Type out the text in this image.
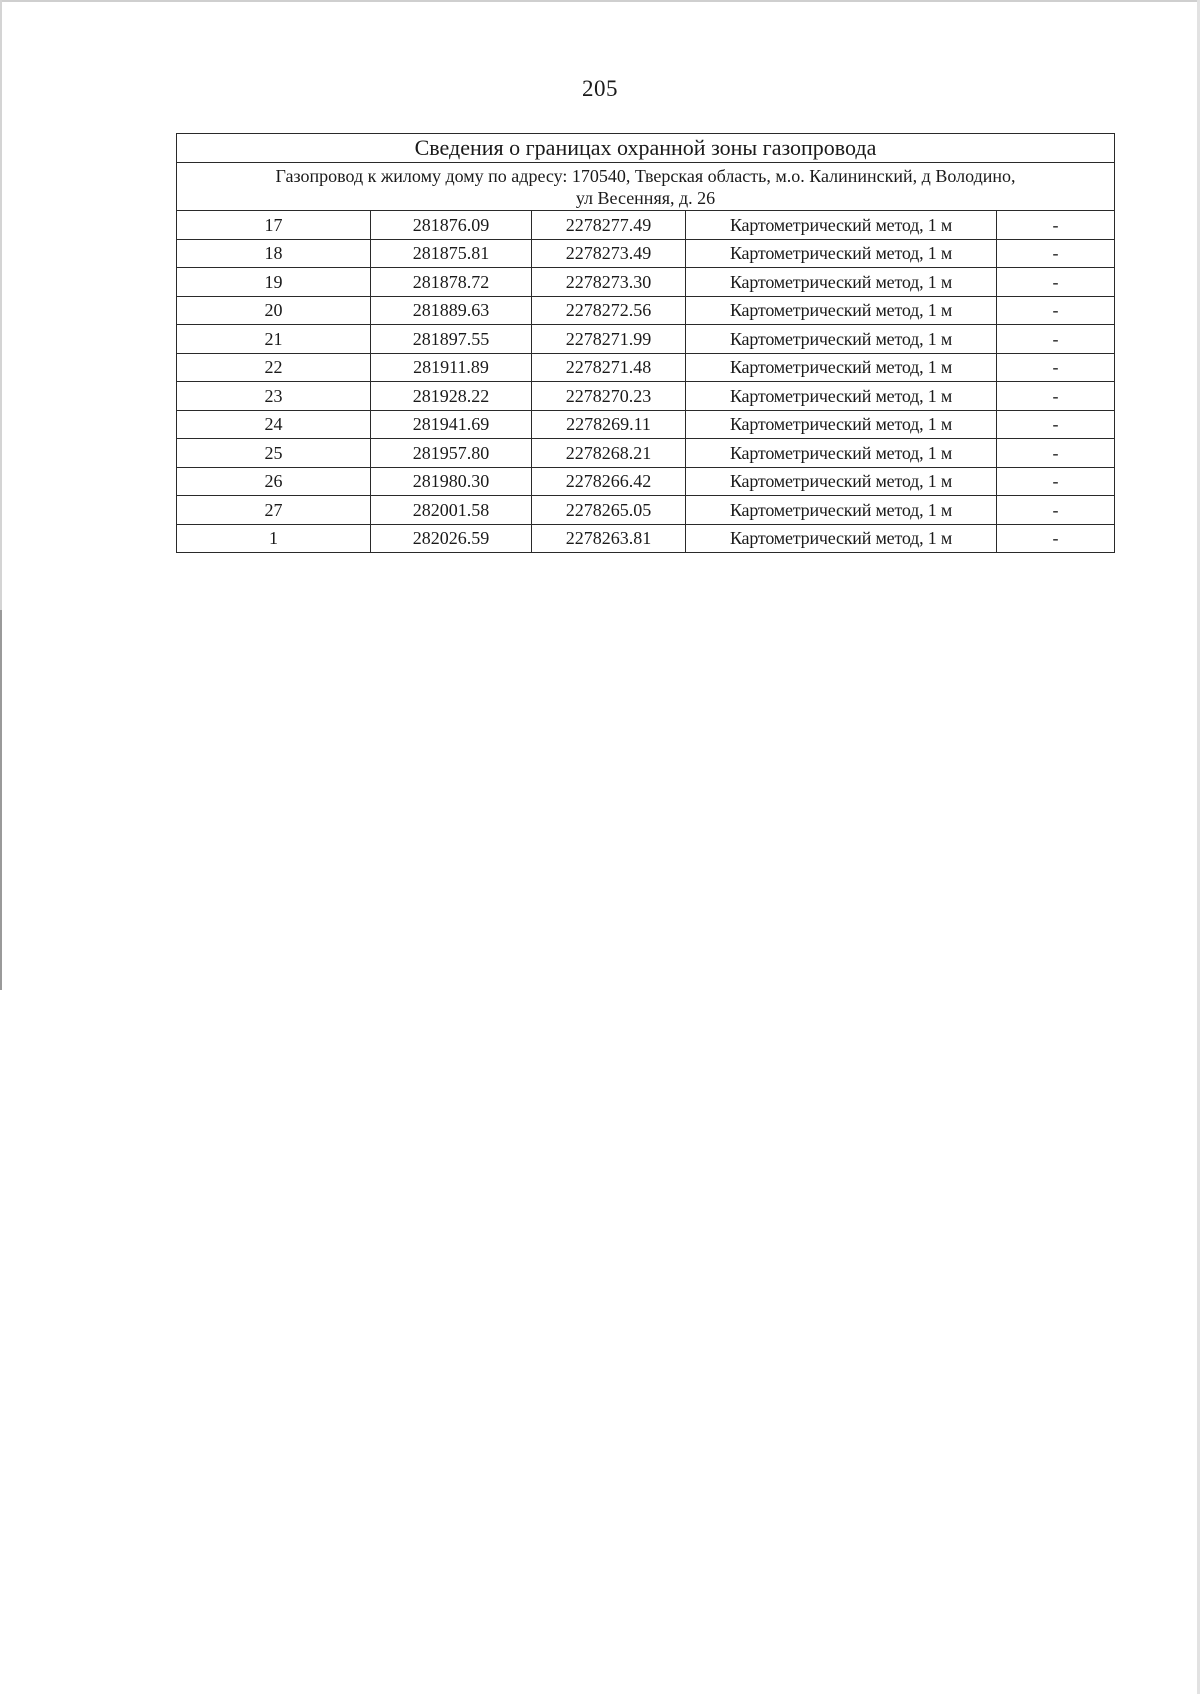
205
Сведения о границах охранной зоны газопровода				

Газопровод к жилому дому по адресу: 170540, Тверская область, м.о. Калининский, д Володино,
ул Весенняя, д. 26				

17	281876.09	2278277.49	Картометрический метод, 1 м	-
18	281875.81	2278273.49	Картометрический метод, 1 м	-
19	281878.72	2278273.30	Картометрический метод, 1 м	-
20	281889.63	2278272.56	Картометрический метод, 1 м	-
21	281897.55	2278271.99	Картометрический метод, 1 м	-
22	281911.89	2278271.48	Картометрический метод, 1 м	-
23	281928.22	2278270.23	Картометрический метод, 1 м	-
24	281941.69	2278269.11	Картометрический метод, 1 м	-
25	281957.80	2278268.21	Картометрический метод, 1 м	-
26	281980.30	2278266.42	Картометрический метод, 1 м	-
27	282001.58	2278265.05	Картометрический метод, 1 м	-
1	282026.59	2278263.81	Картометрический метод, 1 м	-
